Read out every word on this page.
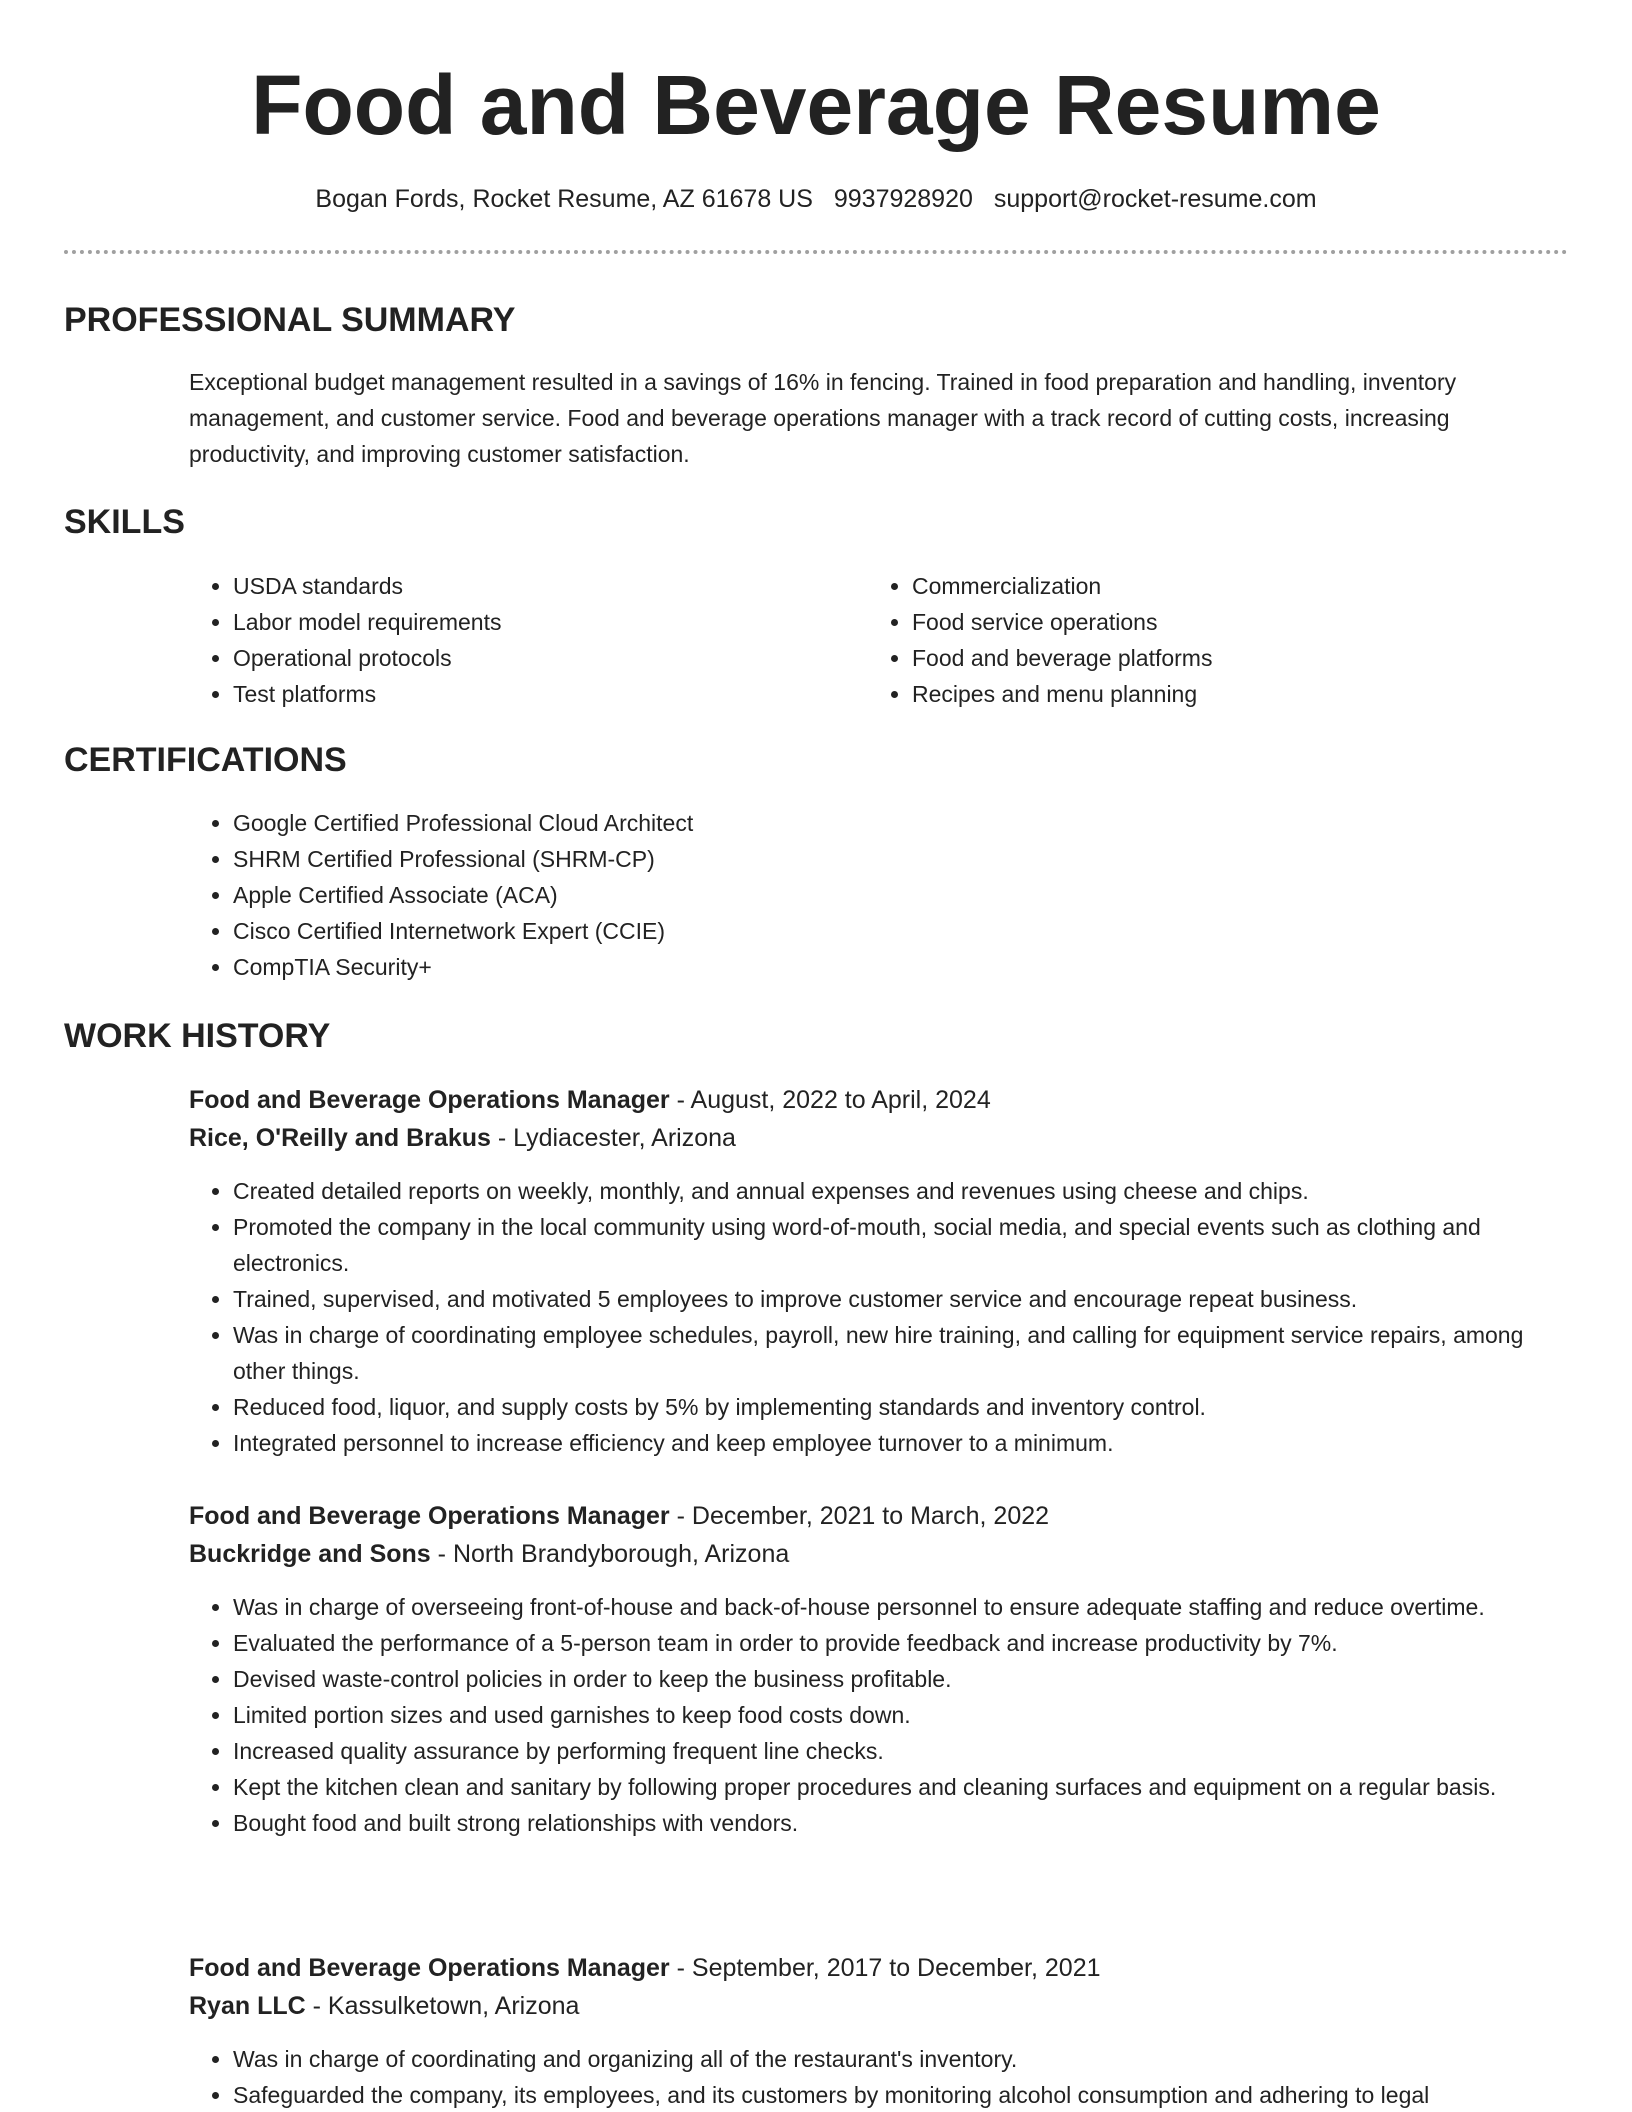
Food and Beverage Resume
Bogan Fords, Rocket Resume, AZ 61678 US 9937928920 support@rocket-resume.com
PROFESSIONAL SUMMARY

Exceptional budget management resulted in a savings of 16% in fencing. Trained in food preparation and handling, inventory management, and customer service. Food and beverage operations manager with a track record of cutting costs, increasing productivity, and improving customer satisfaction.

SKILLS
• USDA standards
• Labor model requirements
• Operational protocols
• Test platforms
• Commercialization
• Food service operations
• Food and beverage platforms
• Recipes and menu planning
CERTIFICATIONS
• Google Certified Professional Cloud Architect
• SHRM Certified Professional (SHRM-CP)
• Apple Certified Associate (ACA)
• Cisco Certified Internetwork Expert (CCIE)
• CompTIA Security+
WORK HISTORY

Food and Beverage Operations Manager - August, 2022 to April, 2024

Rice, O'Reilly and Brakus - Lydiacester, Arizona

• Created detailed reports on weekly, monthly, and annual expenses and revenues using cheese and chips.
• Promoted the company in the local community using word-of-mouth, social media, and special events such as clothing and electronics.
• Trained, supervised, and motivated 5 employees to improve customer service and encourage repeat business.
• Was in charge of coordinating employee schedules, payroll, new hire training, and calling for equipment service repairs, among other things.
• Reduced food, liquor, and supply costs by 5% by implementing standards and inventory control.
• Integrated personnel to increase efficiency and keep employee turnover to a minimum.

Food and Beverage Operations Manager - December, 2021 to March, 2022

Buckridge and Sons - North Brandyborough, Arizona

• Was in charge of overseeing front-of-house and back-of-house personnel to ensure adequate staffing and reduce overtime.
• Evaluated the performance of a 5-person team in order to provide feedback and increase productivity by 7%.
• Devised waste-control policies in order to keep the business profitable.
• Limited portion sizes and used garnishes to keep food costs down.
• Increased quality assurance by performing frequent line checks.
• Kept the kitchen clean and sanitary by following proper procedures and cleaning surfaces and equipment on a regular basis.
• Bought food and built strong relationships with vendors.

Food and Beverage Operations Manager - September, 2017 to December, 2021

Ryan LLC - Kassulketown, Arizona

• Was in charge of coordinating and organizing all of the restaurant's inventory.
• Safeguarded the company, its employees, and its customers by monitoring alcohol consumption and adhering to legal
